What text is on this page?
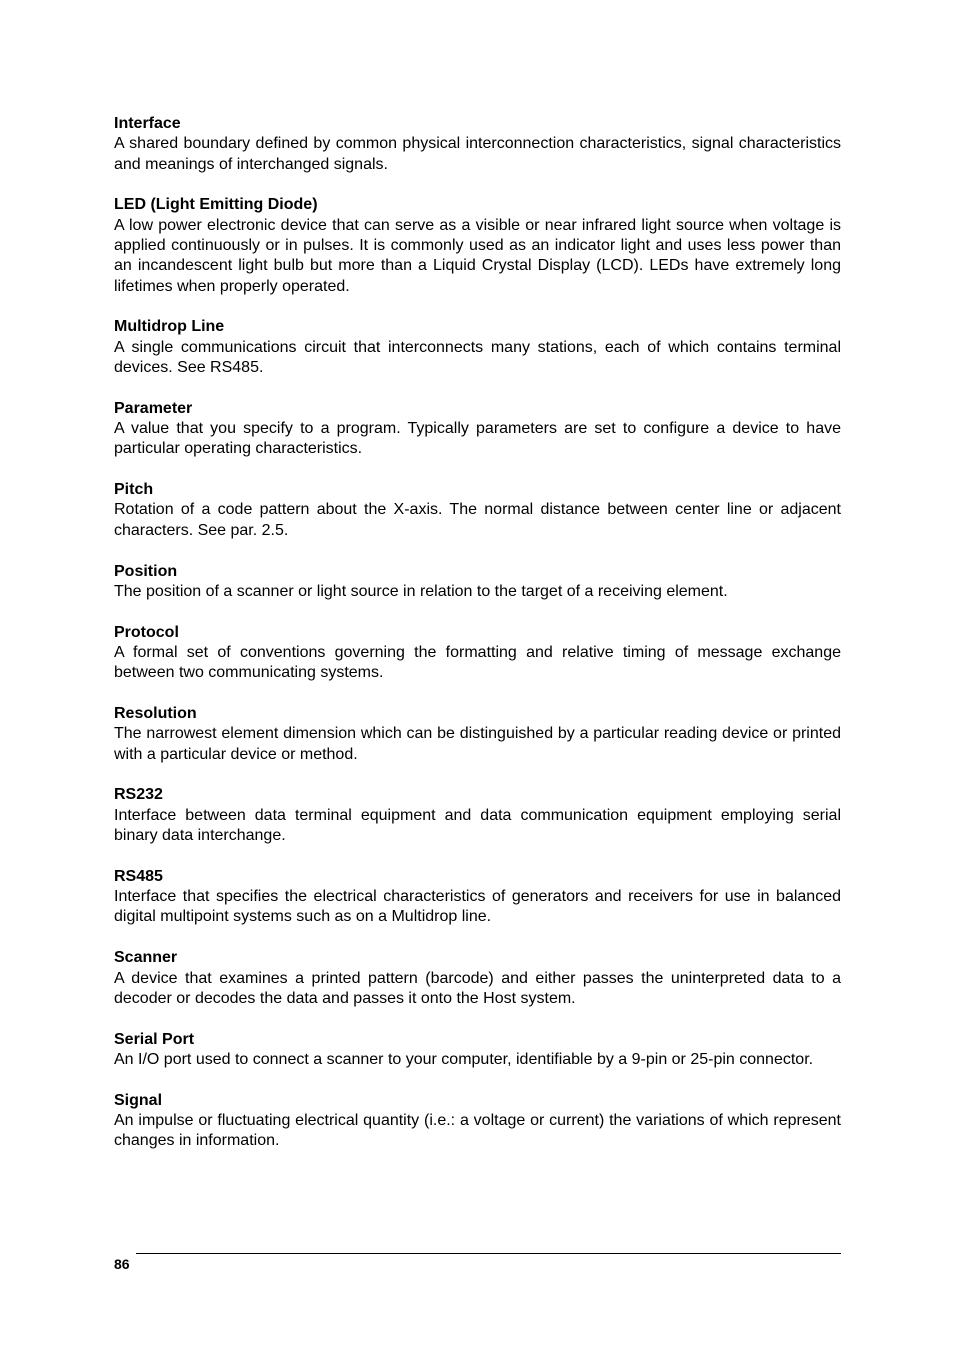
Interface

A shared boundary defined by common physical interconnection characteristics, signal characteristics and meanings of interchanged signals.

LED (Light Emitting Diode)

A low power electronic device that can serve as a visible or near infrared light source when voltage is applied continuously or in pulses. It is commonly used as an indicator light and uses less power than an incandescent light bulb but more than a Liquid Crystal Display (LCD). LEDs have extremely long lifetimes when properly operated.

Multidrop Line

A single communications circuit that interconnects many stations, each of which contains terminal devices. See RS485.

Parameter

A value that you specify to a program. Typically parameters are set to configure a device to have particular operating characteristics.

Pitch

Rotation of a code pattern about the X-axis. The normal distance between center line or adjacent characters. See par. 2.5.

Position

The position of a scanner or light source in relation to the target of a receiving element.

Protocol

A formal set of conventions governing the formatting and relative timing of message exchange between two communicating systems.

Resolution

The narrowest element dimension which can be distinguished by a particular reading device or printed with a particular device or method.

RS232

Interface between data terminal equipment and data communication equipment employing serial binary data interchange.

RS485

Interface that specifies the electrical characteristics of generators and receivers for use in balanced digital multipoint systems such as on a Multidrop line.

Scanner

A device that examines a printed pattern (barcode) and either passes the uninterpreted data to a decoder or decodes the data and passes it onto the Host system.

Serial Port

An I/O port used to connect a scanner to your computer, identifiable by a 9-pin or 25-pin connector.

Signal

An impulse or fluctuating electrical quantity (i.e.: a voltage or current) the variations of which represent changes in information.

86
